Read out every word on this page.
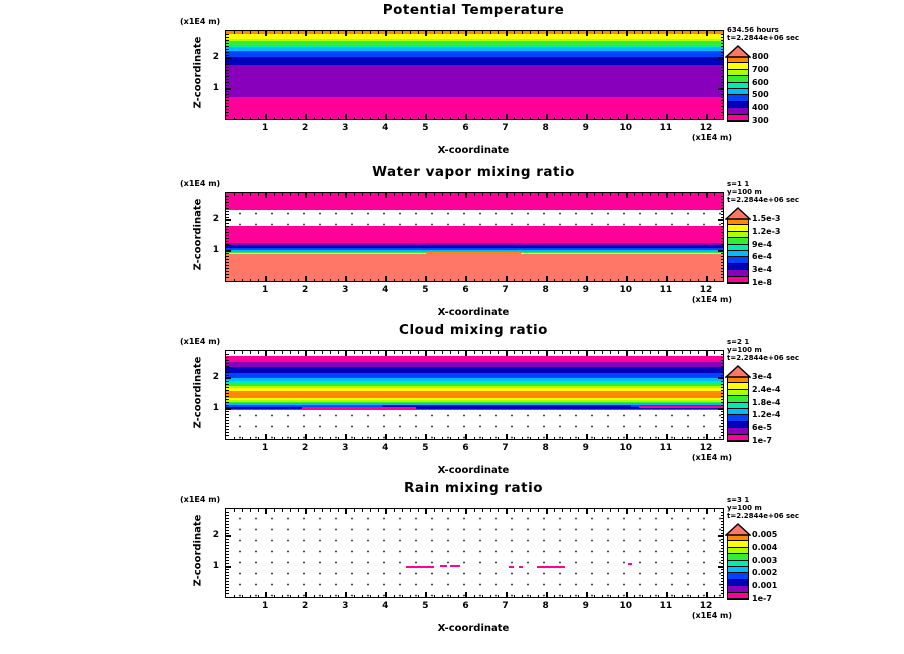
Potential Temperature
(x1E4 m)
Z-coordinate
1	2	3	4	5	6	7	8	9	10	11	12
(x1E4 m)
X-coordinate
1
2
634.56 hours
t=2.2844e+06 sec
800
700
600
500
400
300
Water vapor mixing ratio
(x1E4 m)
Z-coordinate
1	2	3	4	5	6	7	8	9	10	11	12
(x1E4 m)
X-coordinate
1
2
s=1 1
y=100 m
t=2.2844e+06 sec
1.5e-3
1.2e-3
9e-4
6e-4
3e-4
1e-8
Cloud mixing ratio
(x1E4 m)
Z-coordinate
1	2	3	4	5	6	7	8	9	10	11	12
(x1E4 m)
X-coordinate
1
2
s=2 1
y=100 m
t=2.2844e+06 sec
3e-4
2.4e-4
1.8e-4
1.2e-4
6e-5
1e-7
Rain mixing ratio
(x1E4 m)
Z-coordinate
1	2	3	4	5	6	7	8	9	10	11	12
(x1E4 m)
X-coordinate
1
2
s=3 1
y=100 m
t=2.2844e+06 sec
0.005
0.004
0.003
0.002
0.001
1e-7
